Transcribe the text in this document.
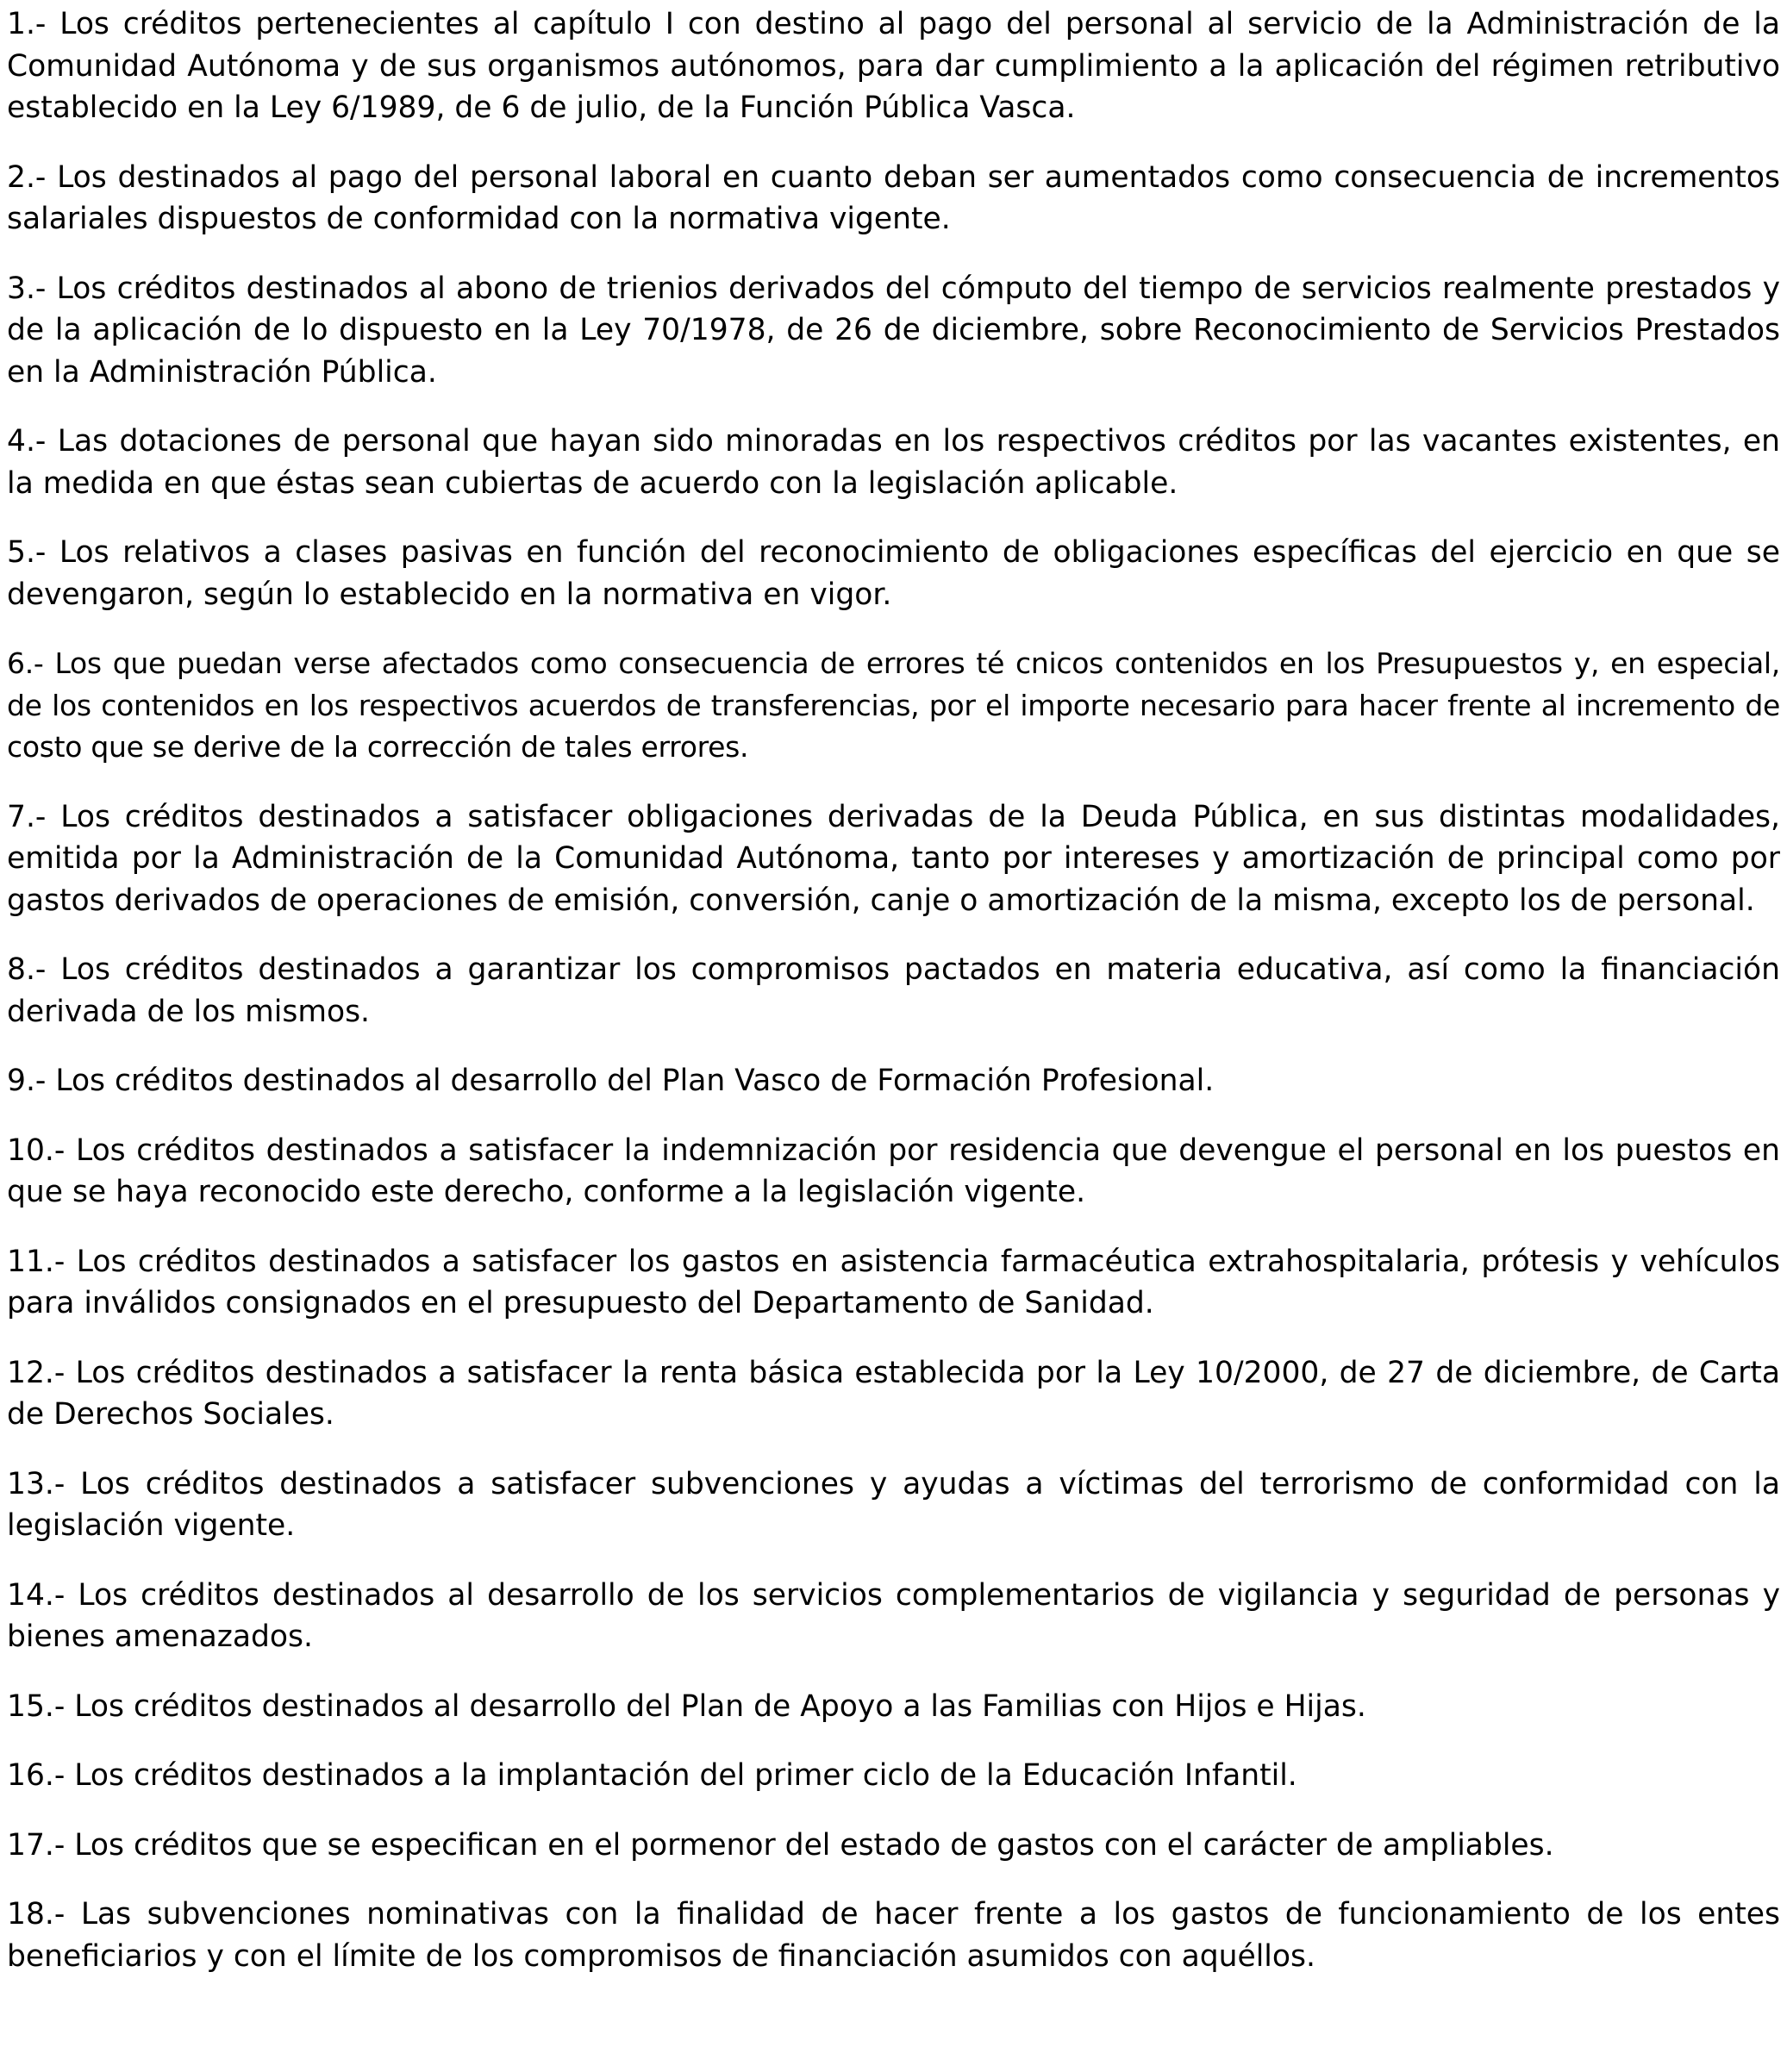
1.- Los créditos pertenecientes al capítulo I con destino al pago del personal al servicio de la Administración de la Comunidad Autónoma y de sus organismos autónomos, para dar cumplimiento a la aplicación del régimen retributivo establecido en la Ley 6/1989, de 6 de julio, de la Función Pública Vasca.

2.- Los destinados al pago del personal laboral en cuanto deban ser aumentados como consecuencia de incrementos salariales dispuestos de conformidad con la normativa vigente.

3.- Los créditos destinados al abono de trienios derivados del cómputo del tiempo de servicios realmente prestados y de la aplicación de lo dispuesto en la Ley 70/1978, de 26 de diciembre, sobre Reconocimiento de Servicios Prestados en la Administración Pública.

4.- Las dotaciones de personal que hayan sido minoradas en los respectivos créditos por las vacantes existentes, en la medida en que éstas sean cubiertas de acuerdo con la legislación aplicable.

5.- Los relativos a clases pasivas en función del reconocimiento de obligaciones específicas del ejercicio en que se devengaron, según lo establecido en la normativa en vigor.

6.- Los que puedan verse afectados como consecuencia de errores té cnicos contenidos en los Presupuestos y, en especial, de los contenidos en los respectivos acuerdos de transferencias, por el importe necesario para hacer frente al incremento de costo que se derive de la corrección de tales errores.

7.- Los créditos destinados a satisfacer obligaciones derivadas de la Deuda Pública, en sus distintas modalidades, emitida por la Administración de la Comunidad Autónoma, tanto por intereses y amortización de principal como por gastos derivados de operaciones de emisión, conversión, canje o amortización de la misma, excepto los de personal.

8.- Los créditos destinados a garantizar los compromisos pactados en materia educativa, así como la financiación derivada de los mismos.

9.- Los créditos destinados al desarrollo del Plan Vasco de Formación Profesional.

10.- Los créditos destinados a satisfacer la indemnización por residencia que devengue el personal en los puestos en que se haya reconocido este derecho, conforme a la legislación vigente.

11.- Los créditos destinados a satisfacer los gastos en asistencia farmacéutica extrahospitalaria, prótesis y vehículos para inválidos consignados en el presupuesto del Departamento de Sanidad.

12.- Los créditos destinados a satisfacer la renta básica establecida por la Ley 10/2000, de 27 de diciembre, de Carta de Derechos Sociales.

13.- Los créditos destinados a satisfacer subvenciones y ayudas a víctimas del terrorismo de conformidad con la legislación vigente.

14.- Los créditos destinados al desarrollo de los servicios complementarios de vigilancia y seguridad de personas y bienes amenazados.

15.- Los créditos destinados al desarrollo del Plan de Apoyo a las Familias con Hijos e Hijas.

16.- Los créditos destinados a la implantación del primer ciclo de la Educación Infantil.

17.- Los créditos que se especifican en el pormenor del estado de gastos con el carácter de ampliables.

18.- Las subvenciones nominativas con la finalidad de hacer frente a los gastos de funcionamiento de los entes beneficiarios y con el límite de los compromisos de financiación asumidos con aquéllos.
